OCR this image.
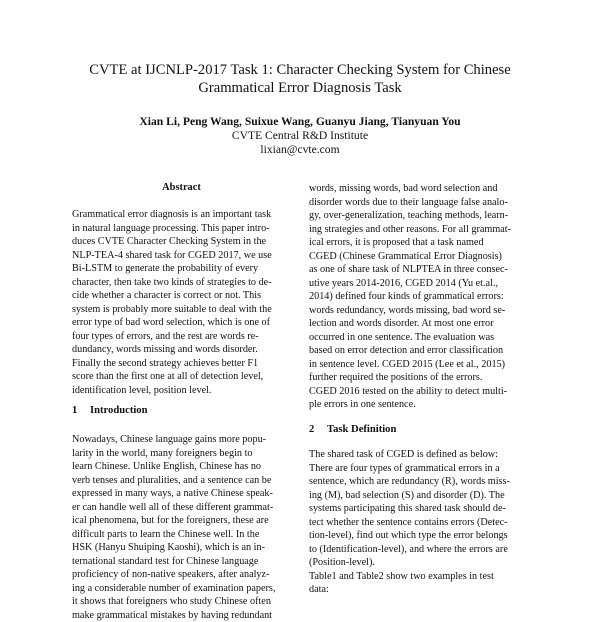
CVTE at IJCNLP-2017 Task 1: Character Checking System for Chinese
Grammatical Error Diagnosis Task
Xian Li, Peng Wang, Suixue Wang, Guanyu Jiang, Tianyuan You
CVTE Central R&D Institute
lixian@cvte.com
Abstract
Grammatical error diagnosis is an important task
in natural language processing. This paper intro-
duces CVTE Character Checking System in the
NLP-TEA-4 shared task for CGED 2017, we use
Bi-LSTM to generate the probability of every
character, then take two kinds of strategies to de-
cide whether a character is correct or not. This
system is probably more suitable to deal with the
error type of bad word selection, which is one of
four types of errors, and the rest are words re-
dundancy, words missing and words disorder.
Finally the second strategy achieves better F1
score than the first one at all of detection level,
identification level, position level.
1 Introduction
Nowadays, Chinese language gains more popu-
larity in the world, many foreigners begin to
learn Chinese. Unlike English, Chinese has no
verb tenses and pluralities, and a sentence can be
expressed in many ways, a native Chinese speak-
er can handle well all of these different grammat-
ical phenomena, but for the foreigners, these are
difficult parts to learn the Chinese well. In the
HSK (Hanyu Shuiping Kaoshi), which is an in-
ternational standard test for Chinese language
proficiency of non-native speakers, after analyz-
ing a considerable number of examination papers,
it shows that foreigners who study Chinese often
make grammatical mistakes by having redundant
words, missing words, bad word selection and
disorder words due to their language false analo-
gy, over-generalization, teaching methods, learn-
ing strategies and other reasons. For all grammat-
ical errors, it is proposed that a task named
CGED (Chinese Grammatical Error Diagnosis)
as one of share task of NLPTEA in three consec-
utive years 2014-2016, CGED 2014 (Yu et.al.,
2014) defined four kinds of grammatical errors:
words redundancy, words missing, bad word se-
lection and words disorder. At most one error
occurred in one sentence. The evaluation was
based on error detection and error classification
in sentence level. CGED 2015 (Lee et al., 2015)
further required the positions of the errors.
CGED 2016 tested on the ability to detect multi-
ple errors in one sentence.
2 Task Definition
The shared task of CGED is defined as below:
There are four types of grammatical errors in a
sentence, which are redundancy (R), words miss-
ing (M), bad selection (S) and disorder (D). The
systems participating this shared task should de-
tect whether the sentence contains errors (Detec-
tion-level), find out which type the error belongs
to (Identification-level), and where the errors are
(Position-level).
Table1 and Table2 show two examples in test
data:
